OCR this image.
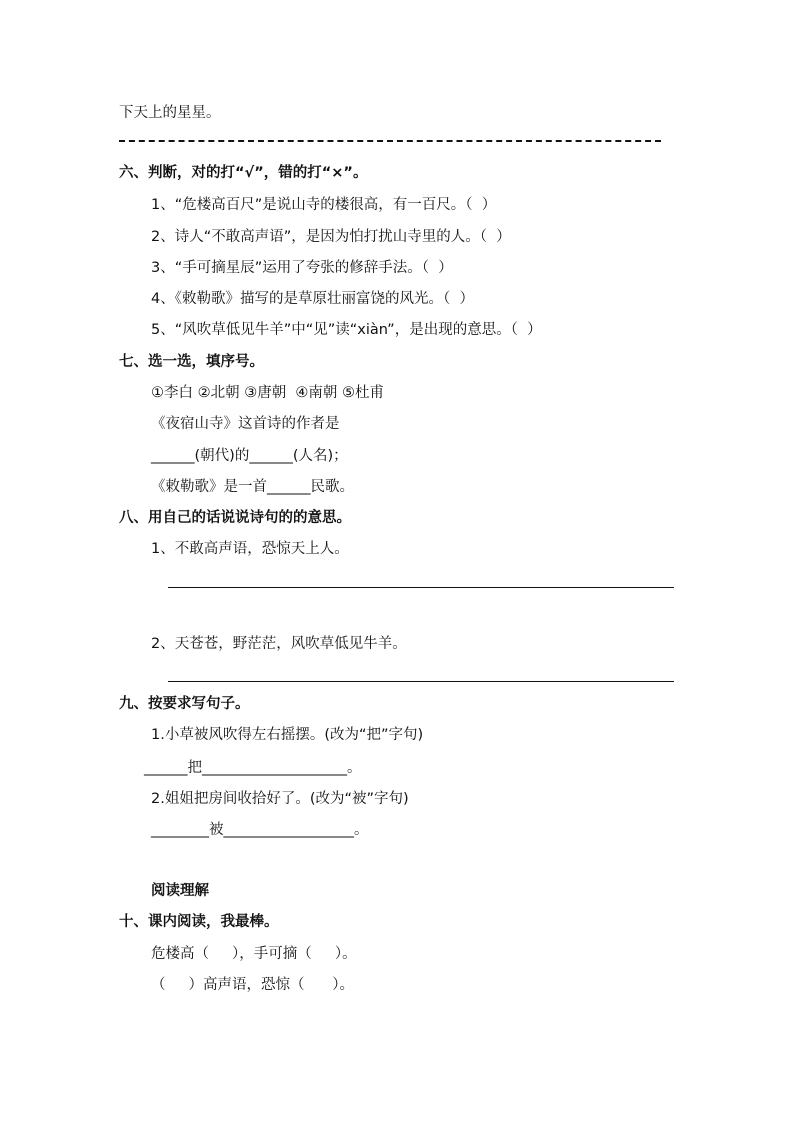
下天上的星星。
六、判断，对的打“√”，错的打“×”。
1、“危楼高百尺”是说山寺的楼很高，有一百尺。（  ）
2、诗人“不敢高声语”，是因为怕打扰山寺里的人。（  ）
3、“手可摘星辰”运用了夸张的修辞手法。（  ）
4、《敕勒歌》描写的是草原壮丽富饶的风光。（  ）
5、“风吹草低见牛羊”中“见”读“xiàn”，是出现的意思。（  ）
七、选一选，填序号。
①李白 ②北朝 ③唐朝  ④南朝 ⑤杜甫
《夜宿山寺》这首诗的作者是
______(朝代)的______(人名)；
《敕勒歌》是一首______民歌。
八、用自己的话说说诗句的的意思。
1、不敢高声语，恐惊天上人。
2、天苍苍，野茫茫，风吹草低见牛羊。
九、按要求写句子。
1.小草被风吹得左右摇摆。(改为“把”字句)
______把____________________。
2.姐姐把房间收拾好了。(改为“被”字句)
________被__________________。
阅读理解
十、课内阅读，我最棒。
危楼高（     ），手可摘（     ）。
（     ）高声语，恐惊（      ）。
